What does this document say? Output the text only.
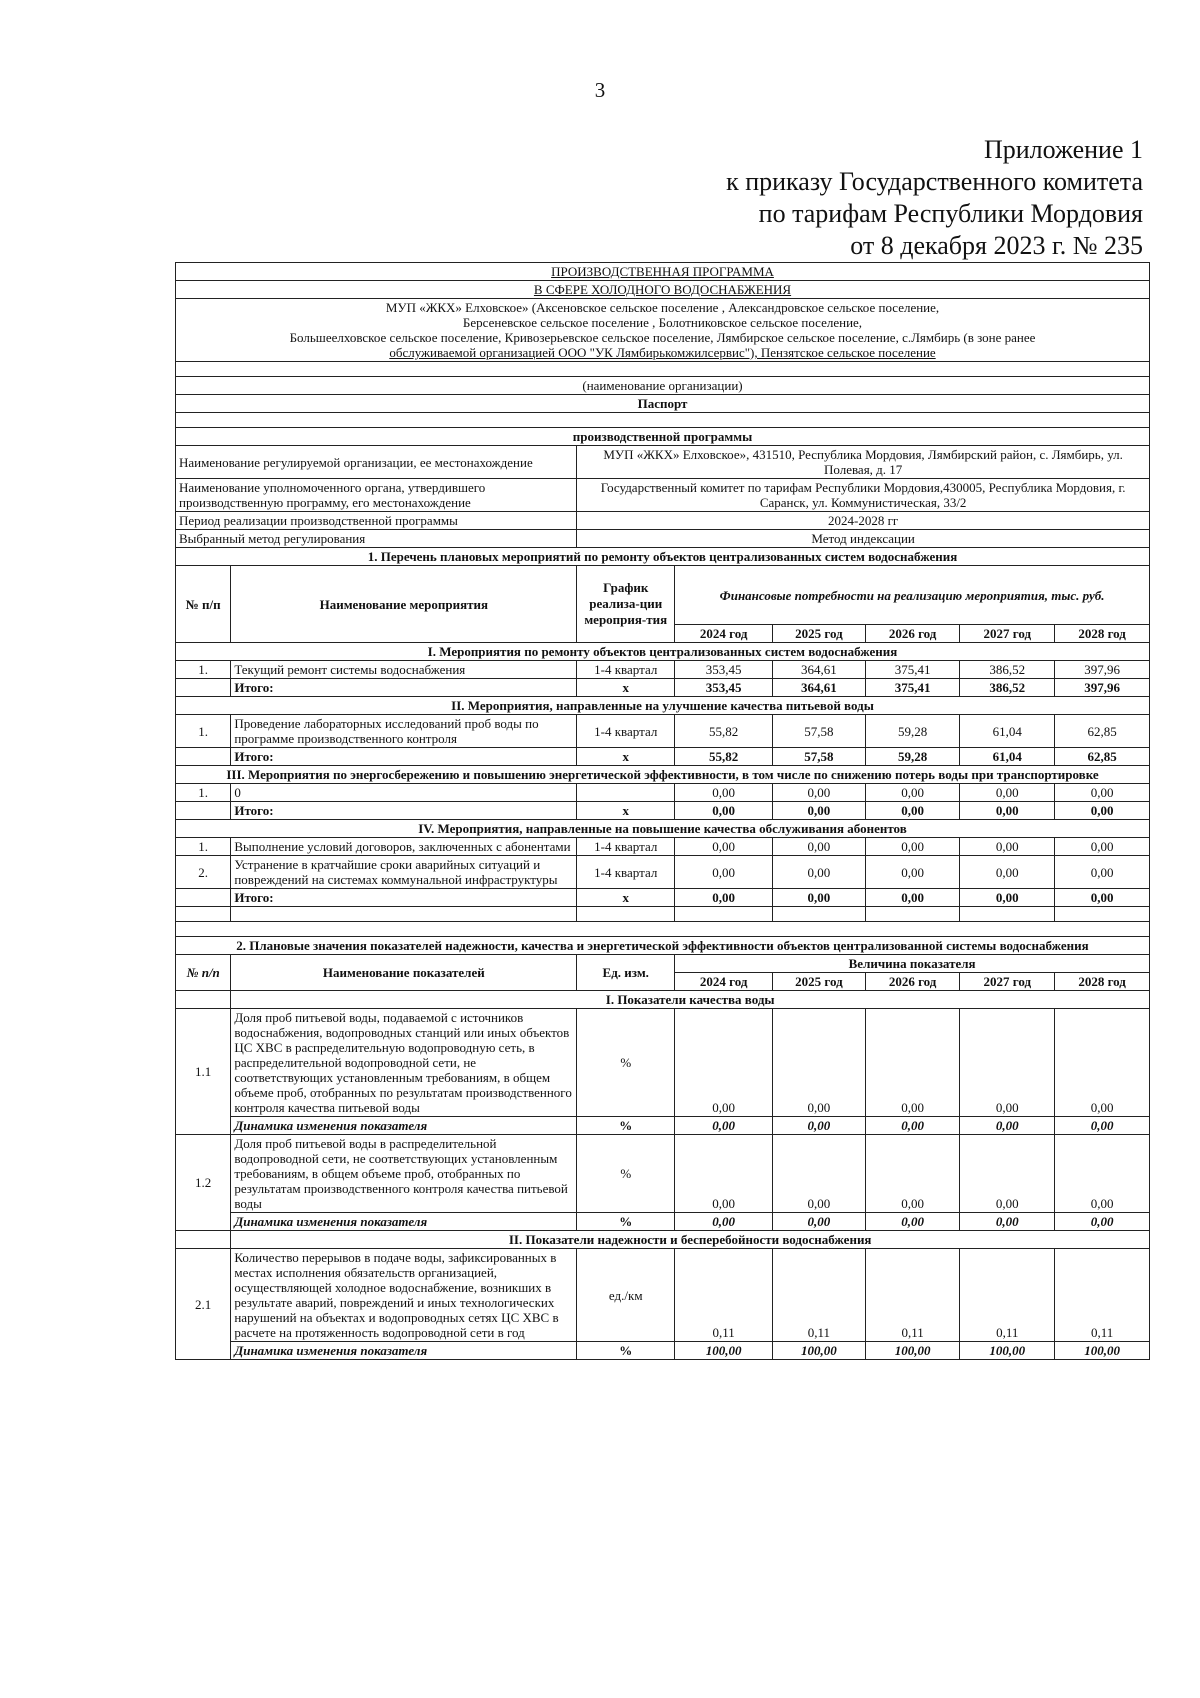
3
Приложение 1
к приказу Государственного комитета
по тарифам Республики Мордовия
от 8 декабря 2023 г. № 235
ПРОИЗВОДСТВЕННАЯ ПРОГРАММА							
В СФЕРЕ ХОЛОДНОГО ВОДОСНАБЖЕНИЯ							

МУП «ЖКХ» Елховское» (Аксеновское сельское поселение , Александровское сельское поселение,
Берсеневское сельское поселение , Болотниковское сельское поселение,
Большеелховское сельское поселение, Кривозерьевское сельское поселение, Лямбирское сельское поселение, с.Лямбирь (в зоне ранее
обслуживаемой организацией ООО "УК Лямбирькомжилсервис"), Пензятское сельское поселение							

(наименование организации)							
Паспорт							

производственной программы							
Наименование регулируемой организации, ее местонахождение		МУП «ЖКХ» Елховское», 431510, Республика Мордовия, Лямбирский район, с. Лямбирь, ул. Полевая, д. 17					
Наименование уполномоченного органа, утвердившего производственную программу, его местонахождение		Государственный комитет по тарифам Республики Мордовия,430005, Республика Мордовия, г. Саранск, ул. Коммунистическая, 33/2					
Период реализации производственной программы		2024-2028 гг					
Выбранный метод регулирования		Метод индексации					
1. Перечень плановых мероприятий по ремонту объектов централизованных систем водоснабжения							
№ п/п	Наименование мероприятия	График реализа-ции мероприя-тия	Финансовые потребности на реализацию мероприятия, тыс. руб.				
			2024 год	2025 год	2026 год	2027 год	2028 год
I. Мероприятия по ремонту объектов централизованных систем водоснабжения							
1.	Текущий ремонт системы водоснабжения	1-4 квартал	353,45	364,61	375,41	386,52	397,96
	Итого:	х	353,45	364,61	375,41	386,52	397,96
II. Мероприятия, направленные на улучшение качества питьевой воды							
1.	Проведение лабораторных исследований проб воды по программе производственного контроля	1-4 квартал	55,82	57,58	59,28	61,04	62,85
	Итого:	х	55,82	57,58	59,28	61,04	62,85
III. Мероприятия по энергосбережению и повышению энергетической эффективности, в том числе по снижению потерь воды при транспортировке							
1.	0		0,00	0,00	0,00	0,00	0,00
	Итого:	х	0,00	0,00	0,00	0,00	0,00
IV. Мероприятия, направленные на повышение качества обслуживания абонентов							
1.	Выполнение условий договоров, заключенных с абонентами	1-4 квартал	0,00	0,00	0,00	0,00	0,00
2.	Устранение в кратчайшие сроки аварийных ситуаций и повреждений на системах коммунальной инфраструктуры	1-4 квартал	0,00	0,00	0,00	0,00	0,00
	Итого:	х	0,00	0,00	0,00	0,00	0,00

2. Плановые значения показателей надежности, качества и энергетической эффективности объектов централизованной системы водоснабжения							
№ п/п	Наименование показателей	Ед. изм.	Величина показателя				
			2024 год	2025 год	2026 год	2027 год	2028 год
	I. Показатели качества воды						
1.1	Доля проб питьевой воды, подаваемой с источников водоснабжения, водопроводных станций или иных объектов ЦС ХВС в распределительную водопроводную сеть, в распределительной водопроводной сети, не соответствующих установленным требованиям, в общем объеме проб, отобранных по результатам производственного контроля качества питьевой воды	%	0,00	0,00	0,00	0,00	0,00
	Динамика изменения показателя	%	0,00	0,00	0,00	0,00	0,00
1.2	Доля проб питьевой воды в распределительной водопроводной сети, не соответствующих установленным требованиям, в общем объеме проб, отобранных по результатам производственного контроля качества питьевой воды	%	0,00	0,00	0,00	0,00	0,00
	Динамика изменения показателя	%	0,00	0,00	0,00	0,00	0,00
	II. Показатели надежности и бесперебойности водоснабжения						
2.1	Количество перерывов в подаче воды, зафиксированных в местах исполнения обязательств организацией, осуществляющей холодное водоснабжение, возникших в результате аварий, повреждений и иных технологических нарушений на объектах и водопроводных сетях ЦС ХВС в расчете на протяженность водопроводной сети в год	ед./км	0,11	0,11	0,11	0,11	0,11
	Динамика изменения показателя	%	100,00	100,00	100,00	100,00	100,00
